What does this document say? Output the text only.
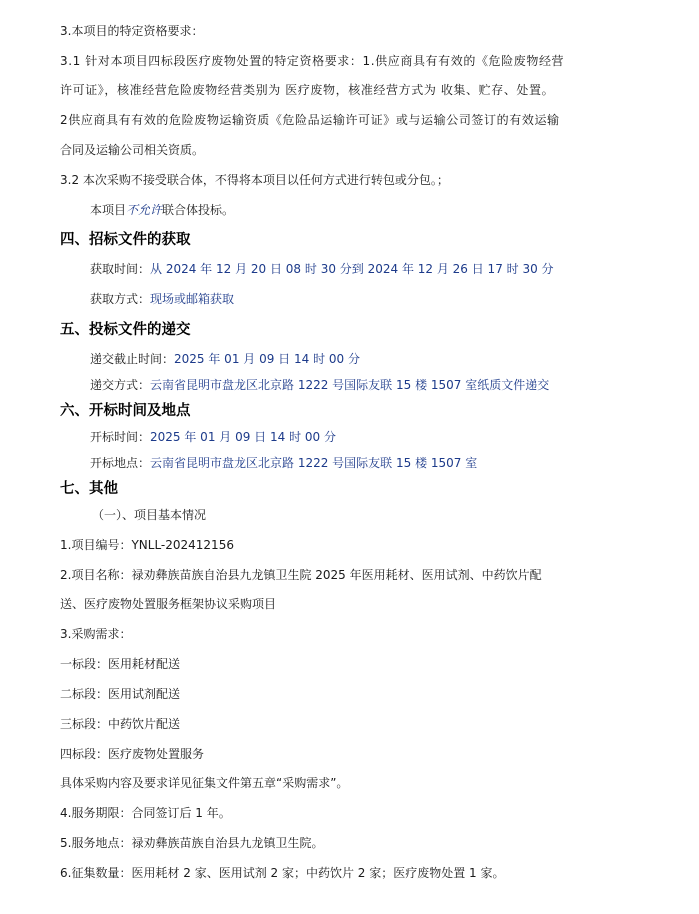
3.本项目的特定资格要求：
3.1 针对本项目四标段医疗废物处置的特定资格要求：1.供应商具有有效的《危险废物经营
许可证》，核准经营危险废物经营类别为 医疗废物，核准经营方式为 收集、贮存、处置。
2供应商具有有效的危险废物运输资质《危险品运输许可证》或与运输公司签订的有效运输
合同及运输公司相关资质。
3.2 本次采购不接受联合体，不得将本项目以任何方式进行转包或分包。；
本项目不允许联合体投标。
四、招标文件的获取
获取时间：从 2024 年 12 月 20 日 08 时 30 分到 2024 年 12 月 26 日 17 时 30 分
获取方式：现场或邮箱获取
五、投标文件的递交
递交截止时间：2025 年 01 月 09 日 14 时 00 分
递交方式：云南省昆明市盘龙区北京路 1222 号国际友联 15 楼 1507 室纸质文件递交
六、开标时间及地点
开标时间：2025 年 01 月 09 日 14 时 00 分
开标地点：云南省昆明市盘龙区北京路 1222 号国际友联 15 楼 1507 室
七、其他
（一）、项目基本情况
1.项目编号：YNLL-202412156
2.项目名称：禄劝彝族苗族自治县九龙镇卫生院 2025 年医用耗材、医用试剂、中药饮片配
送、医疗废物处置服务框架协议采购项目
3.采购需求：
一标段：医用耗材配送
二标段：医用试剂配送
三标段：中药饮片配送
四标段：医疗废物处置服务
具体采购内容及要求详见征集文件第五章“采购需求”。
4.服务期限：合同签订后 1 年。
5.服务地点：禄劝彝族苗族自治县九龙镇卫生院。
6.征集数量：医用耗材 2 家、医用试剂 2 家；中药饮片 2 家；医疗废物处置 1 家。
